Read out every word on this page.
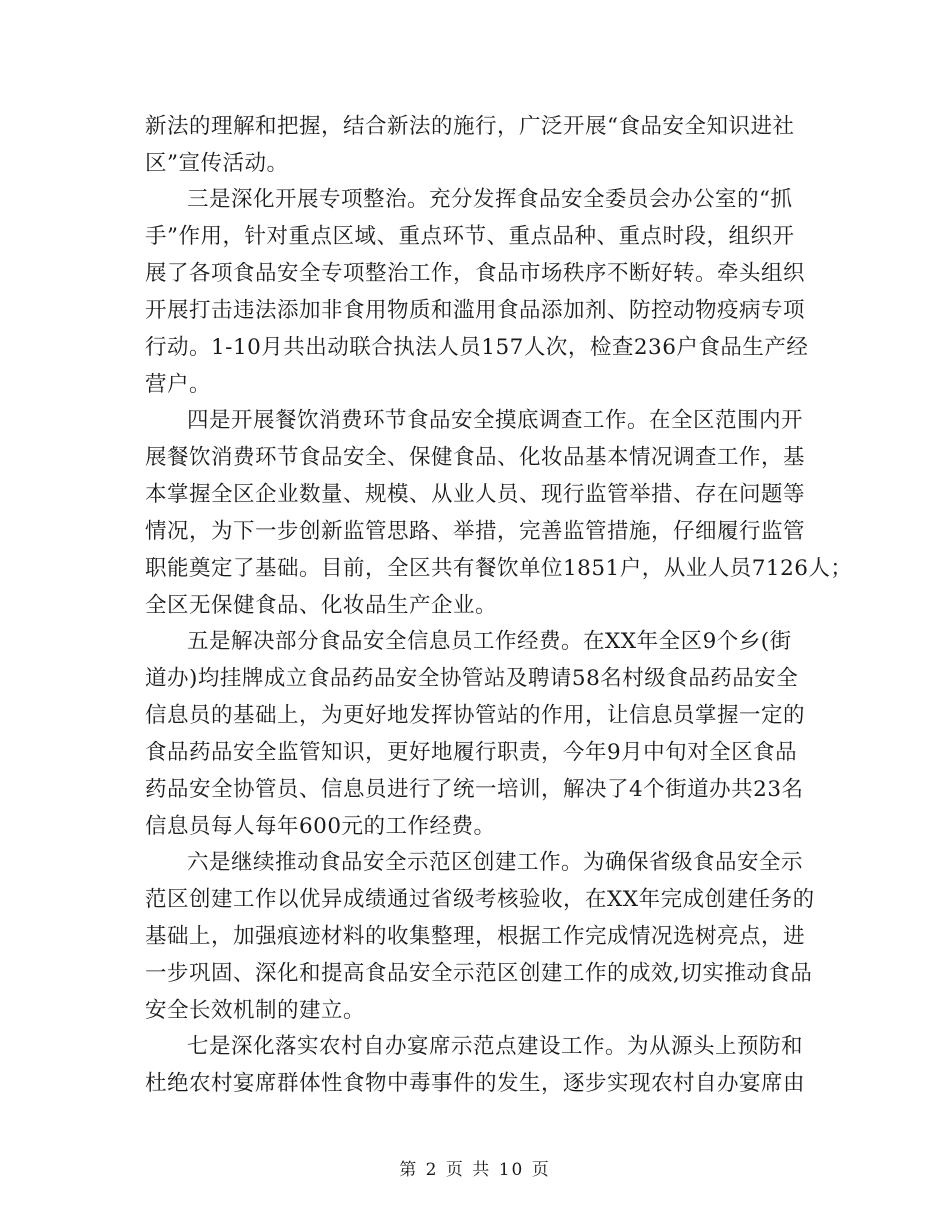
新法的理解和把握，结合新法的施行，广泛开展“食品安全知识进社
区”宣传活动。
三是深化开展专项整治。充分发挥食品安全委员会办公室的“抓
手”作用，针对重点区域、重点环节、重点品种、重点时段，组织开
展了各项食品安全专项整治工作，食品市场秩序不断好转。牵头组织
开展打击违法添加非食用物质和滥用食品添加剂、防控动物疫病专项
行动。1-10月共出动联合执法人员157人次，检查236户食品生产经
营户。
四是开展餐饮消费环节食品安全摸底调查工作。在全区范围内开
展餐饮消费环节食品安全、保健食品、化妆品基本情况调查工作，基
本掌握全区企业数量、规模、从业人员、现行监管举措、存在问题等
情况，为下一步创新监管思路、举措，完善监管措施，仔细履行监管
职能奠定了基础。目前，全区共有餐饮单位1851户，从业人员7126人；
全区无保健食品、化妆品生产企业。
五是解决部分食品安全信息员工作经费。在XX年全区9个乡(街
道办)均挂牌成立食品药品安全协管站及聘请58名村级食品药品安全
信息员的基础上，为更好地发挥协管站的作用，让信息员掌握一定的
食品药品安全监管知识，更好地履行职责，今年9月中旬对全区食品
药品安全协管员、信息员进行了统一培训，解决了4个街道办共23名
信息员每人每年600元的工作经费。
六是继续推动食品安全示范区创建工作。为确保省级食品安全示
范区创建工作以优异成绩通过省级考核验收，在XX年完成创建任务的
基础上，加强痕迹材料的收集整理，根据工作完成情况选树亮点，进
一步巩固、深化和提高食品安全示范区创建工作的成效,切实推动食品
安全长效机制的建立。
七是深化落实农村自办宴席示范点建设工作。为从源头上预防和
杜绝农村宴席群体性食物中毒事件的发生，逐步实现农村自办宴席由
第 2 页 共 10 页
